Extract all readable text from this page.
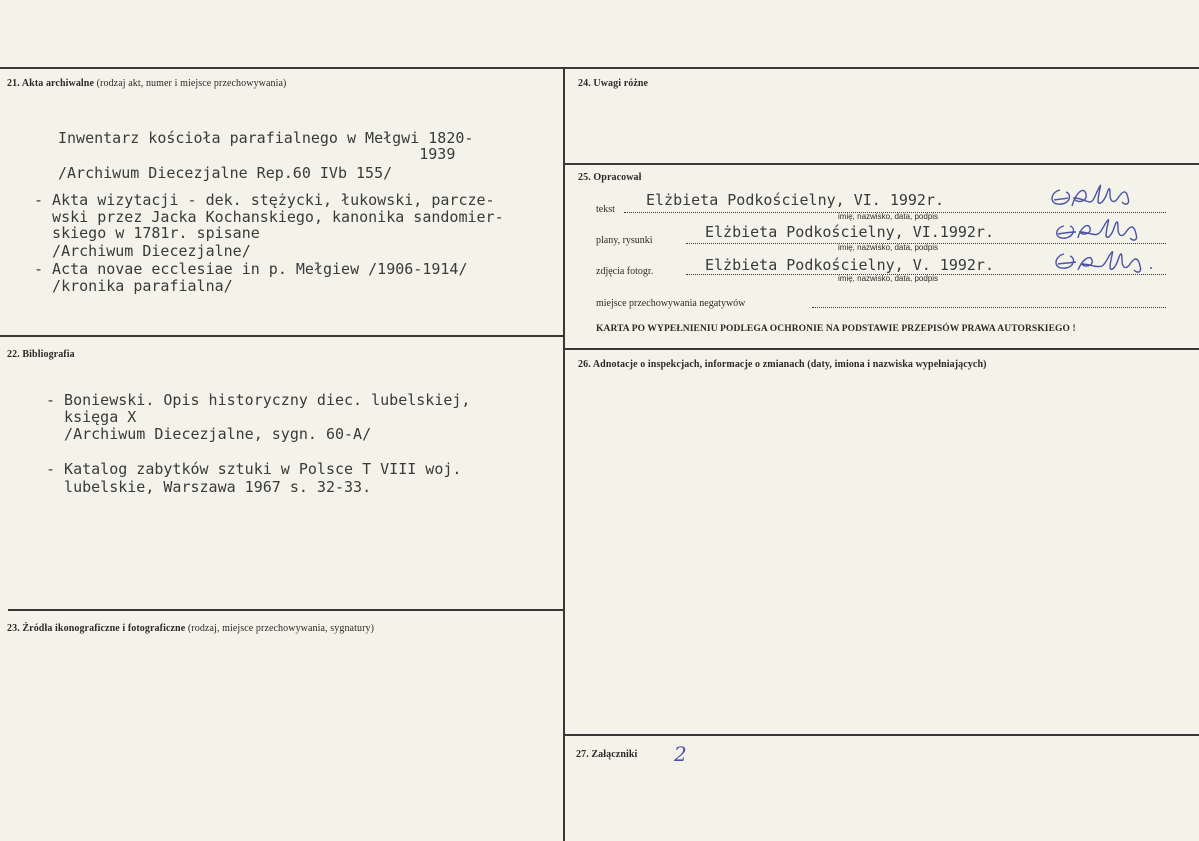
21. Akta archiwalne (rodzaj akt, numer i miejsce przechowywania)
Inwentarz kościoła parafialnego w Mełgwi 1820-
1939
/Archiwum Diecezjalne Rep.60 IVb 155/
- Akta wizytacji - dek. stężycki, łukowski, parcze-
wski przez Jacka Kochanskiego, kanonika sandomier-
skiego w 1781r. spisane
/Archiwum Diecezjalne/
- Acta novae ecclesiae in p. Mełgiew /1906-1914/
/kronika parafialna/
22. Bibliografia
- Boniewski. Opis historyczny diec. lubelskiej,
księga X
/Archiwum Diecezjalne, sygn. 60-A/
- Katalog zabytków sztuki w Polsce T VIII woj.
lubelskie, Warszawa 1967 s. 32-33.
23. Źródła ikonograficzne i fotograficzne (rodzaj, miejsce przechowywania, sygnatury)
24. Uwagi różne
25. Opracował
tekst
Elżbieta Podkościelny, VI. 1992r.
imię, nazwisko, data, podpis
plany, rysunki	Elżbieta Podkościelny, VI.1992r.
imię, nazwisko, data, podpis
zdjęcia fotogr.	Elżbieta Podkościelny, V. 1992r.
imię, nazwisko, data, podpis
miejsce przechowywania negatywów
KARTA PO WYPEŁNIENIU PODLEGA OCHRONIE NA PODSTAWIE PRZEPISÓW PRAWA AUTORSKIEGO !
26. Adnotacje o inspekcjach, informacje o zmianach (daty, imiona i nazwiska wypełniających)
27. Załączniki 2
